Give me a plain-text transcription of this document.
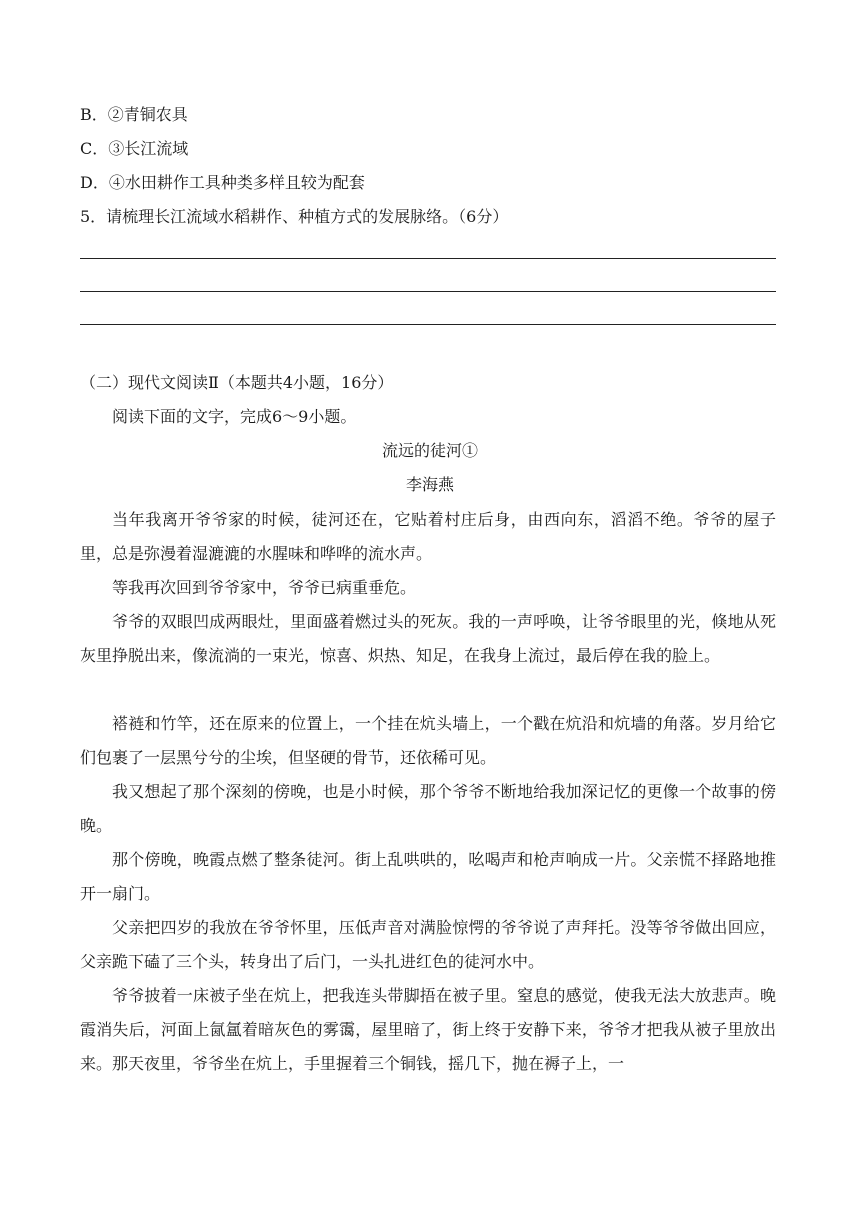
B．②青铜农具
C．③长江流域
D．④水田耕作工具种类多样且较为配套
5．请梳理长江流域水稻耕作、种植方式的发展脉络。（6分）
（二）现代文阅读Ⅱ（本题共4小题，16分）
阅读下面的文字，完成6～9小题。
流远的徒河①
李海燕
当年我离开爷爷家的时候，徒河还在，它贴着村庄后身，由西向东，滔滔不绝。爷爷的屋子里，总是弥漫着湿漉漉的水腥味和哗哗的流水声。
等我再次回到爷爷家中，爷爷已病重垂危。
爷爷的双眼凹成两眼灶，里面盛着燃过头的死灰。我的一声呼唤，让爷爷眼里的光，倏地从死灰里挣脱出来，像流淌的一束光，惊喜、炽热、知足，在我身上流过，最后停在我的脸上。
褡裢和竹竿，还在原来的位置上，一个挂在炕头墙上，一个戳在炕沿和炕墙的角落。岁月给它们包裹了一层黑兮兮的尘埃，但坚硬的骨节，还依稀可见。
我又想起了那个深刻的傍晚，也是小时候，那个爷爷不断地给我加深记忆的更像一个故事的傍晚。
那个傍晚，晚霞点燃了整条徒河。街上乱哄哄的，吆喝声和枪声响成一片。父亲慌不择路地推开一扇门。
父亲把四岁的我放在爷爷怀里，压低声音对满脸惊愕的爷爷说了声拜托。没等爷爷做出回应，父亲跪下磕了三个头，转身出了后门，一头扎进红色的徒河水中。
爷爷披着一床被子坐在炕上，把我连头带脚捂在被子里。窒息的感觉，使我无法大放悲声。晚霞消失后，河面上氤氲着暗灰色的雾霭，屋里暗了，街上终于安静下来，爷爷才把我从被子里放出来。那天夜里，爷爷坐在炕上，手里握着三个铜钱，摇几下，抛在褥子上，一
